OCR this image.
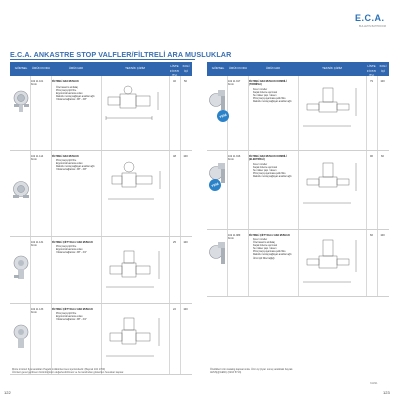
E.C.A.
BULLETIN BATHROOM
E.C.A. ANKASTRE STOP VALFLER/FİLTRELİ ARA MUSLUKLAR
GÖRSEL	ÜRÜN KODU	ÜRÜN ADI	TEKNİK ÇİZİM	LİSTE
FİYATI (TL)
KOLİ
İÇİ
102 11 101
Krom
FİLTRELİ ARA MUSLUK
• Özel tasarım ambalaj
• Pirinç kaçış tipli fitre
• Ergonomik kavrama volan
• Rakorlu montaj sağlayan anahtar ağzı
• Yoklama bağlantısı: 3/8" - 3/8"
46	50
102 11 114
Krom
FİLTRELİ ARA MUSLUK
• Pirinç kaçış tipli fitre
• Ergonomik kavrama volan
• Rakorlu montaj sağlayan anahtar ağzı
• Yoklama bağlantısı: 3/8" - 3/8"
48	100
102 11 131
Krom
FİLTRELİ ÇİFTYOLLU ARA MUSLUK
• Pirinç kaçış tipli fitre
• Ergonomik kavrama volan
• Yoklama bağlantısı: 3/8" - 3/4"
25	100
102 11 133
Krom
FİLTRELİ ÇİFTYOLLU ARA MUSLUK
• Pirinç kaçış tipli fitre
• Ergonomik kavrama volan
• Yoklama bağlantısı: 3/8" - 3/4"
22	100
GÖRSEL	ÜRÜN KODU	ÜRÜN ADI	TEKNİK ÇİZİM	LİSTE
FİYATI (TL)
KOLİ
İÇİ
YENİ
102 11 917
Krom
FİLTRELİ ARA MUSLUK KOMBİLİ (TORNİSLI)
• Kısa / rozetler
• Kaçak önleme ayrımsal
• Su mikser çapı / desen
• Pirinç kaçış ayarmasa çelik filtre
• Rakorlu montaj sağlayan anahtar ağzı
79	100
YENİ
102 11 916
Krom
FİLTRELİ ARA MUSLUK KOMBİLİ (ELEKTRİKLİ)
• Kısa / rozetler
• Kaçak önleme ayrımsal
• Su mikser çapı / desen
• Pirinç kaçış ayarmasa çelik filtre
• Rakorlu montaj sağlayan anahtar ağzı
96	60
102 11 989
Krom
FİLTRELİ ÇİFTYOLLU ARA MUSLUK
• Kısa / rozetler
• Özel tasarım ambalaj
• Kaçak önleme ayrımsal
• Su mikser çapı / desen
• Pirinç kaçış ayarmasa çelik filtre
• Rakorlu montaj sağlayan anahtar ağzı
• Ürün tipli filtre bağlığı
66	100
Müze ürünleri fiyat aralıkları Pagebi mülkümlenmesi içerisindedir. (Bayrak 102 1700)
Ürünleri genel gerilmem bütünlüğünün değerlendirilmesi ve bu tarafından gösterilen hususları kapsar.
Özellikleri ürün katalog kapsamında. Ürün iş Çiyarı sonuç aralıktaki bayrak.
AMUŞ@GENÇ (0216 5713)
311/91
122	123
